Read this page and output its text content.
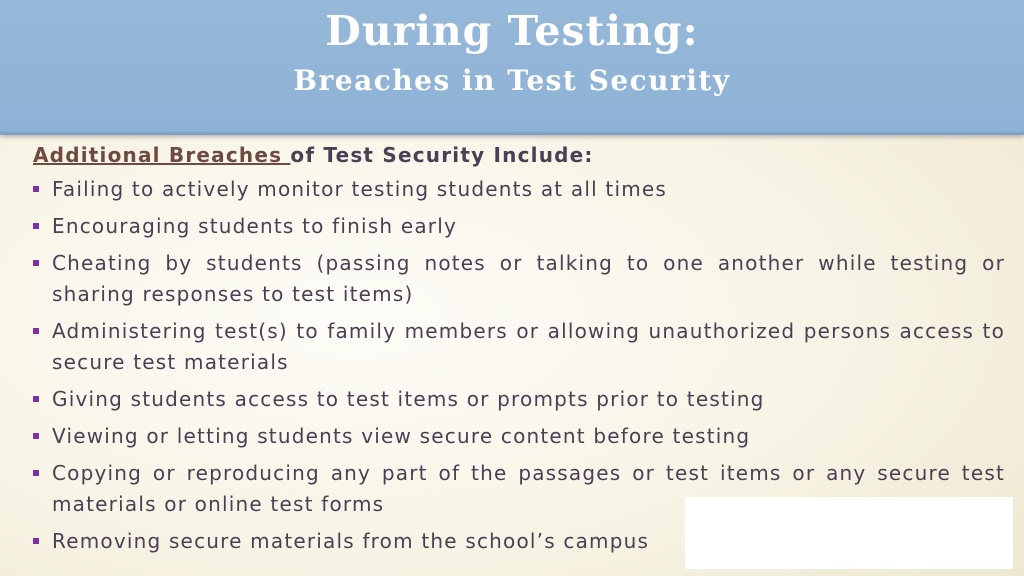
During Testing:
Breaches in Test Security
Additional Breaches of Test Security Include:
Failing to actively monitor testing students at all times
Encouraging students to finish early
Cheating by students (passing notes or talking to one another while testing or sharing responses to test items)
Administering test(s) to family members or allowing unauthorized persons access to secure test materials
Giving students access to test items or prompts prior to testing
Viewing or letting students view secure content before testing
Copying or reproducing any part of the passages or test items or any secure test materials or online test forms
Removing secure materials from the school’s campus
